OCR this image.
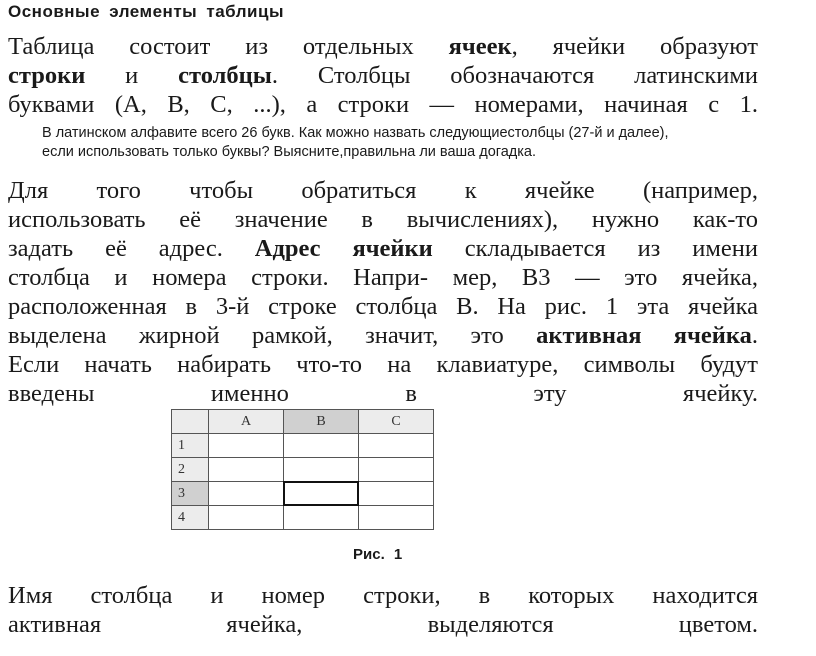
Основные элементы таблицы
Таблица состоит из отдельных ячеек, ячейки образуют
строки и столбцы. Столбцы обозначаются латинскими
буквами (A, B, C, ...), а строки — номерами, начиная с 1.
В латинском алфавите всего 26 букв. Как можно назвать следующиестолбцы (27-й и далее),
если использовать только буквы? Выясните,правильна ли ваша догадка.
Для того чтобы обратиться к ячейке (например,
использовать её значение в вычислениях), нужно как-то
задать её адрес. Адрес ячейки складывается из имени
столбца и номера строки. Напри- мер, B3 — это ячейка,
расположенная в 3-й строке столбца B. На рис. 1 эта ячейка
выделена жирной рамкой, значит, это активная ячейка.
Если начать набирать что-то на клавиатуре, символы будут
введены именно в эту ячейку.
	A	B	C
1			
2			
3			
4			
Рис. 1
Имя столбца и номер строки, в которых находится
активная ячейка, выделяются цветом.
